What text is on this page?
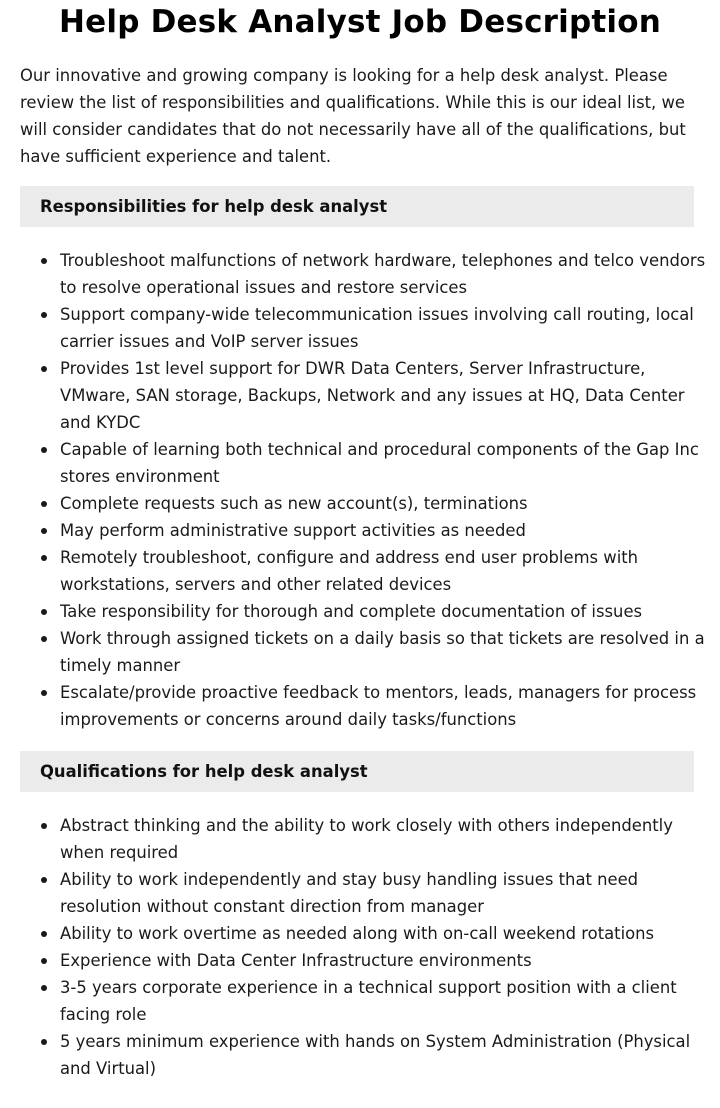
Help Desk Analyst Job Description

Our innovative and growing company is looking for a help desk analyst. Please review the list of responsibilities and qualifications. While this is our ideal list, we will consider candidates that do not necessarily have all of the qualifications, but have sufficient experience and talent.

Responsibilities for help desk analyst
Troubleshoot malfunctions of network hardware, telephones and telco vendors to resolve operational issues and restore services
Support company-wide telecommunication issues involving call routing, local carrier issues and VoIP server issues
Provides 1st level support for DWR Data Centers, Server Infrastructure, VMware, SAN storage, Backups, Network and any issues at HQ, Data Center and KYDC
Capable of learning both technical and procedural components of the Gap Inc stores environment
Complete requests such as new account(s), terminations
May perform administrative support activities as needed
Remotely troubleshoot, configure and address end user problems with workstations, servers and other related devices
Take responsibility for thorough and complete documentation of issues
Work through assigned tickets on a daily basis so that tickets are resolved in a timely manner
Escalate/provide proactive feedback to mentors, leads, managers for process improvements or concerns around daily tasks/functions
Qualifications for help desk analyst
Abstract thinking and the ability to work closely with others independently when required
Ability to work independently and stay busy handling issues that need resolution without constant direction from manager
Ability to work overtime as needed along with on-call weekend rotations
Experience with Data Center Infrastructure environments
3-5 years corporate experience in a technical support position with a client facing role
5 years minimum experience with hands on System Administration (Physical and Virtual)
